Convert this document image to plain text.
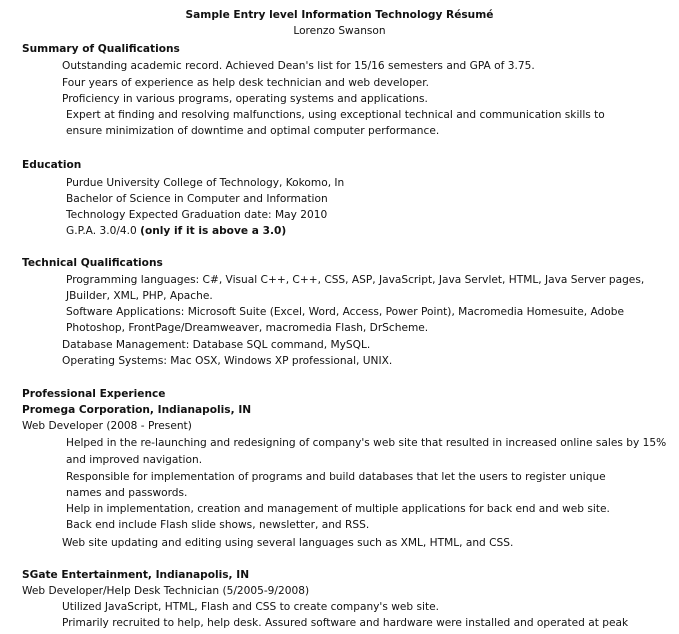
Sample Entry level Information Technology Résumé
Lorenzo Swanson
Summary of Qualifications
Outstanding academic record. Achieved Dean's list for 15/16 semesters and GPA of 3.75.
Four years of experience as help desk technician and web developer.
Proficiency in various programs, operating systems and applications.
Expert at finding and resolving malfunctions, using exceptional technical and communication skills to
ensure minimization of downtime and optimal computer performance.
Education
Purdue University College of Technology, Kokomo, In
Bachelor of Science in Computer and Information
Technology Expected Graduation date: May 2010
G.P.A. 3.0/4.0 (only if it is above a 3.0)
Technical Qualifications
Programming languages: C#, Visual C++, C++, CSS, ASP, JavaScript, Java Servlet, HTML, Java Server pages,
JBuilder, XML, PHP, Apache.
Software Applications: Microsoft Suite (Excel, Word, Access, Power Point), Macromedia Homesuite, Adobe
Photoshop, FrontPage/Dreamweaver, macromedia Flash, DrScheme.
Database Management: Database SQL command, MySQL.
Operating Systems: Mac OSX, Windows XP professional, UNIX.
Professional Experience
Promega Corporation, Indianapolis, IN
Web Developer (2008 - Present)
Helped in the re-launching and redesigning of company's web site that resulted in increased online sales by 15%
and improved navigation.
Responsible for implementation of programs and build databases that let the users to register unique
names and passwords.
Help in implementation, creation and management of multiple applications for back end and web site.
Back end include Flash slide shows, newsletter, and RSS.
Web site updating and editing using several languages such as XML, HTML, and CSS.
SGate Entertainment, Indianapolis, IN
Web Developer/Help Desk Technician (5/2005-9/2008)
Utilized JavaScript, HTML, Flash and CSS to create company's web site.
Primarily recruited to help, help desk. Assured software and hardware were installed and operated at peak
